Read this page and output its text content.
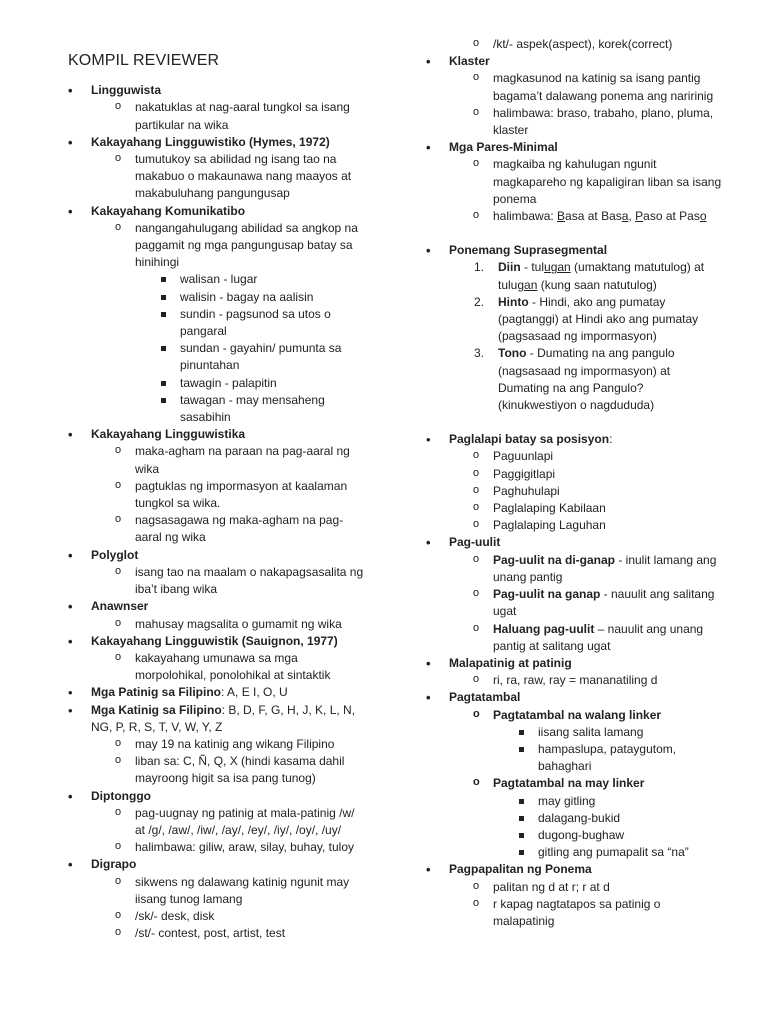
KOMPIL REVIEWER
• Lingguwista
o nakatuklas at nag-aaral tungkol sa isang partikular na wika
• Kakayahang Lingguwistiko (Hymes, 1972)
o tumutukoy sa abilidad ng isang tao na makabuo o makaunawa nang maayos at makabuluhang pangungusap
• Kakayahang Komunikatibo
o nangangahulugang abilidad sa angkop na paggamit ng mga pangungusap batay sa hinihingi
walisan - lugar
walisin - bagay na aalisin
sundin - pagsunod sa utos o pangaral
sundan - gayahin/ pumunta sa pinuntahan
tawagin - palapitin
tawagan - may mensaheng sasabihin
• Kakayahang Lingguwistika
o maka-agham na paraan na pag-aaral ng wika
o pagtuklas ng impormasyon at kaalaman tungkol sa wika.
o nagsasagawa ng maka-agham na pag-aaral ng wika
• Polyglot
o isang tao na maalam o nakapagsasalita ng iba’t ibang wika
• Anawnser
o mahusay magsalita o gumamit ng wika
• Kakayahang Lingguwistik (Sauignon, 1977)
o kakayahang umunawa sa mga morpolohikal, ponolohikal at sintaktik
• Mga Patinig sa Filipino: A, E I, O, U
• Mga Katinig sa Filipino: B, D, F, G, H, J, K, L, N, NG, P, R, S, T, V, W, Y, Z
o may 19 na katinig ang wikang Filipino
o liban sa: C, Ñ, Q, X (hindi kasama dahil mayroong higit sa isa pang tunog)
• Diptonggo
o pag-uugnay ng patinig at mala-patinig /w/ at /g/, /aw/, /iw/, /ay/, /ey/, /iy/, /oy/, /uy/
o halimbawa: giliw, araw, silay, buhay, tuloy
• Digrapo
o sikwens ng dalawang katinig ngunit may iisang tunog lamang
o /sk/- desk, disk
o /st/- contest, post, artist, test
o /kt/- aspek(aspect), korek(correct)
• Klaster
o magkasunod na katinig sa isang pantig bagama’t dalawang ponema ang naririnig
o halimbawa: braso, trabaho, plano, pluma, klaster
• Mga Pares-Minimal
o magkaiba ng kahulugan ngunit magkapareho ng kapaligiran liban sa isang ponema
o halimbawa: Basa at Basa, Paso at Paso
• Ponemang Suprasegmental
1. Diin - tulugan (umaktang matutulog) at tulugan (kung saan natutulog)
2. Hinto - Hindi, ako ang pumatay (pagtanggi) at Hindi ako ang pumatay (pagsasaad ng impormasyon)
3. Tono - Dumating na ang pangulo (nagsasaad ng impormasyon) at Dumating na ang Pangulo? (kinukwestiyon o nagdududa)
• Paglalapi batay sa posisyon:
o Paguunlapi
o Paggigitlapi
o Paghuhulapi
o Paglalaping Kabilaan
o Paglalaping Laguhan
• Pag-uulit
o Pag-uulit na di-ganap - inulit lamang ang unang pantig
o Pag-uulit na ganap - nauulit ang salitang ugat
o Haluang pag-uulit – nauulit ang unang pantig at salitang ugat
• Malapatinig at patinig
o ri, ra, raw, ray = mananatiling d
• Pagtatambal
o Pagtatambal na walang linker
iisang salita lamang
hampaslupa, pataygutom, bahaghari
o Pagtatambal na may linker
may gitling
dalagang-bukid
dugong-bughaw
gitling ang pumapalit sa “na”
• Pagpapalitan ng Ponema
o palitan ng d at r; r at d
o r kapag nagtatapos sa patinig o malapatinig
